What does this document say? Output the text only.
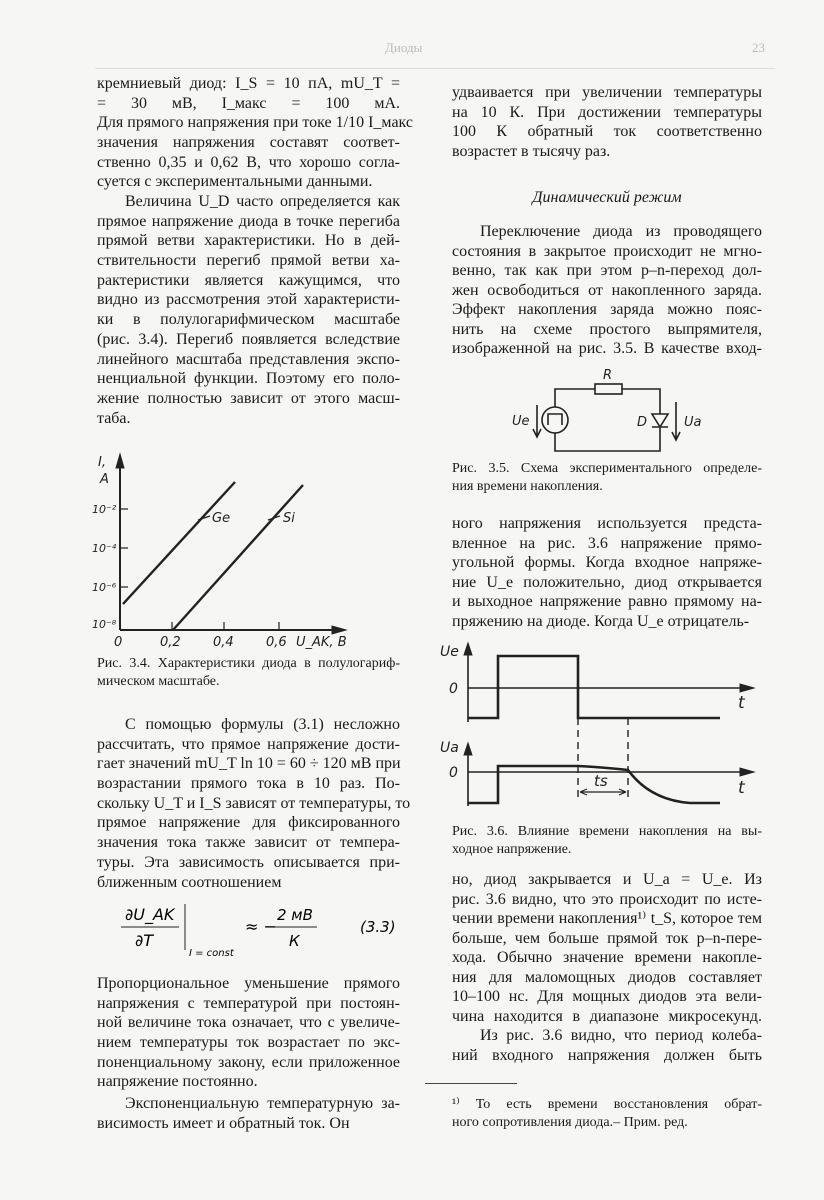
Диоды	23
кремниевый диод: I_S = 10 пА, mU_T =
= 30 мВ, I_макс = 100 мА.
Для прямого напряжения при токе 1/10 I_макс
значения напряжения составят соответ-
ственно 0,35 и 0,62 В, что хорошо согла-
суется с экспериментальными данными.
Величина U_D часто определяется как
прямое напряжение диода в точке перегиба
прямой ветви характеристики. Но в дей-
ствительности перегиб прямой ветви ха-
рактеристики является кажущимся, что
видно из рассмотрения этой характеристи-
ки в полулогарифмическом масштабе
(рис. 3.4). Перегиб появляется вследствие
линейного масштаба представления экспо-
ненциальной функции. Поэтому его поло-
жение полностью зависит от этого масш-
таба.
С помощью формулы (3.1) несложно
рассчитать, что прямое напряжение дости-
гает значений mU_T ln 10 = 60 ÷ 120 мВ при
возрастании прямого тока в 10 раз. По-
скольку U_T и I_S зависят от температуры, то
прямое напряжение для фиксированного
значения тока также зависит от темпера-
туры. Эта зависимость описывается при-
ближенным соотношением
Пропорциональное уменьшение прямого
напряжения с температурой при постоян-
ной величине тока означает, что с увеличе-
нием температуры ток возрастает по экс-
поненциальному закону, если приложенное
напряжение постоянно.
Экспоненциальную температурную за-
висимость имеет и обратный ток. Он
∂U_AK
∂T
I = const
≈ −
2 мВ
К
(3.3)
I,
A
10⁻²
10⁻⁴
10⁻⁶
10⁻⁸
0	0,2 0,4 0,6 U_AK, B
Ge	Si
Рис. 3.4. Характеристики диода в полулогариф-
мическом масштабе.
удваивается при увеличении температуры
на 10 К. При достижении температуры
100 К обратный ток соответственно
возрастет в тысячу раз.
Динамический режим
Переключение диода из проводящего
состояния в закрытое происходит не мгно-
венно, так как при этом p–n-переход дол-
жен освободиться от накопленного заряда.
Эффект накопления заряда можно пояс-
нить на схеме простого выпрямителя,
изображенной на рис. 3.5. В качестве вход-
R
Ue	D	Ua
Рис. 3.5. Схема экспериментального определе-
ния времени накопления.
ного напряжения используется предста-
вленное на рис. 3.6 напряжение прямо-
угольной формы. Когда входное напряже-
ние U_e положительно, диод открывается
и выходное напряжение равно прямому на-
пряжению на диоде. Когда U_e отрицатель-
Ue
0
t
Ua
0
t
ts
Рис. 3.6. Влияние времени накопления на вы-
ходное напряжение.
но, диод закрывается и U_a = U_e. Из
рис. 3.6 видно, что это происходит по исте-
чении времени накопления¹⁾ t_S, которое тем
больше, чем больше прямой ток p–n-пере-
хода. Обычно значение времени накопле-
ния для маломощных диодов составляет
10–100 нс. Для мощных диодов эта вели-
чина находится в диапазоне микросекунд.
Из рис. 3.6 видно, что период колеба-
ний входного напряжения должен быть
¹⁾ То есть времени восстановления обрат-
ного сопротивления диода.– Прим. ред.
